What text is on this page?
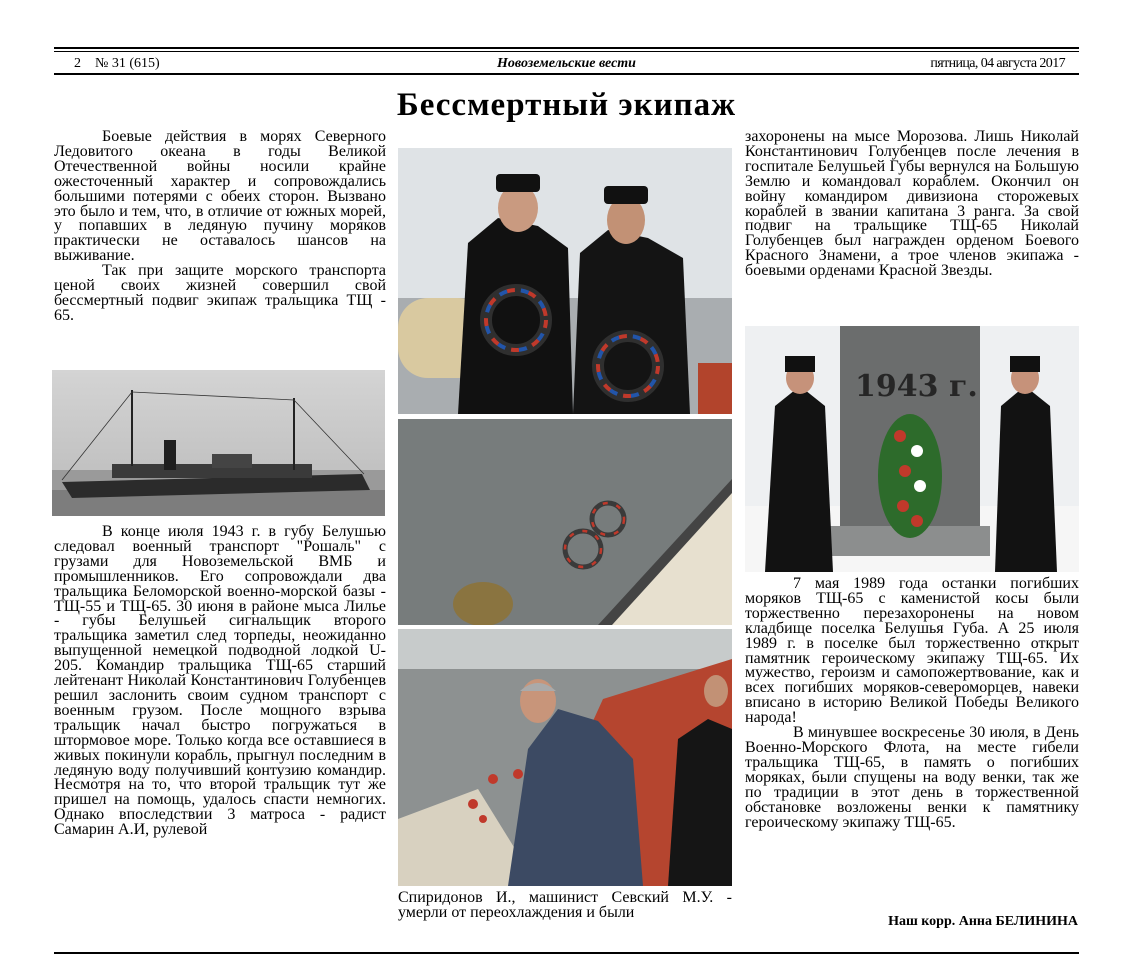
2    № 31 (615)	Новоземельские вести	пятница, 04 августа 2017
Бессмертный экипаж

Боевые действия в морях Северного Ледовитого океана в годы Великой Отечественной войны носили крайне ожесточенный характер и сопровождались большими потерями с обеих сторон. Вызвано это было и тем, что, в отличие от южных морей, у попавших в ледяную пучину моряков практически не оставалось шансов на выживание.

Так при защите морского транспорта ценой своих жизней совершил свой бессмертный подвиг экипаж тральщика ТЩ - 65.

В конце июля 1943 г. в губу Белушью следовал военный транспорт "Рошаль" с грузами для Новоземельской ВМБ и промышленников. Его сопровождали два тральщика Беломорской военно-морской базы - ТЩ-55 и ТЩ-65. 30 июня в районе мыса Лилье - губы Белушьей сигнальщик второго тральщика заметил след торпеды, неожиданно выпущенной немецкой подводной лодкой U-205. Командир тральщика ТЩ-65 старший лейтенант Николай Константинович Голубенцев решил заслонить своим судном транспорт с военным грузом. После мощного взрыва тральщик начал быстро погружаться в штормовое море. Только когда все оставшиеся в живых покинули корабль, прыгнул последним в ледяную воду получивший контузию командир. Несмотря на то, что второй тральщик тут же пришел на помощь, удалось спасти немногих. Однако впоследствии 3 матроса - радист Самарин А.И, рулевой

Спиридонов И., машинист Севский М.У. - умерли от переохлаждения и были

захоронены на мысе Морозова. Лишь Николай Константинович Голубенцев после лечения в госпитале Белушьей Губы вернулся на Большую Землю и командовал кораблем. Окончил он войну командиром дивизиона сторожевых кораблей в звании капитана 3 ранга. За свой подвиг на тральщике ТЩ-65 Николай Голубенцев был награжден орденом Боевого Красного Знамени, а трое членов экипажа - боевыми орденами Красной Звезды.

1943 г.

7 мая 1989 года останки погибших моряков ТЩ-65 с каменистой косы были торжественно перезахоронены на новом кладбище поселка Белушья Губа. А 25 июля 1989 г. в поселке был торжественно открыт памятник героическому экипажу ТЩ-65. Их мужество, героизм и самопожертвование, как и всех погибших моряков-североморцев, навеки вписано в историю Великой Победы Великого народа!

В минувшее воскресенье 30 июля, в День Военно-Морского Флота, на месте гибели тральщика ТЩ-65, в память о погибших моряках, были спущены на воду венки, так же по традиции в этот день в торжественной обстановке возложены венки к памятнику героическому экипажу ТЩ-65.

Наш корр. Анна БЕЛИНИНА
